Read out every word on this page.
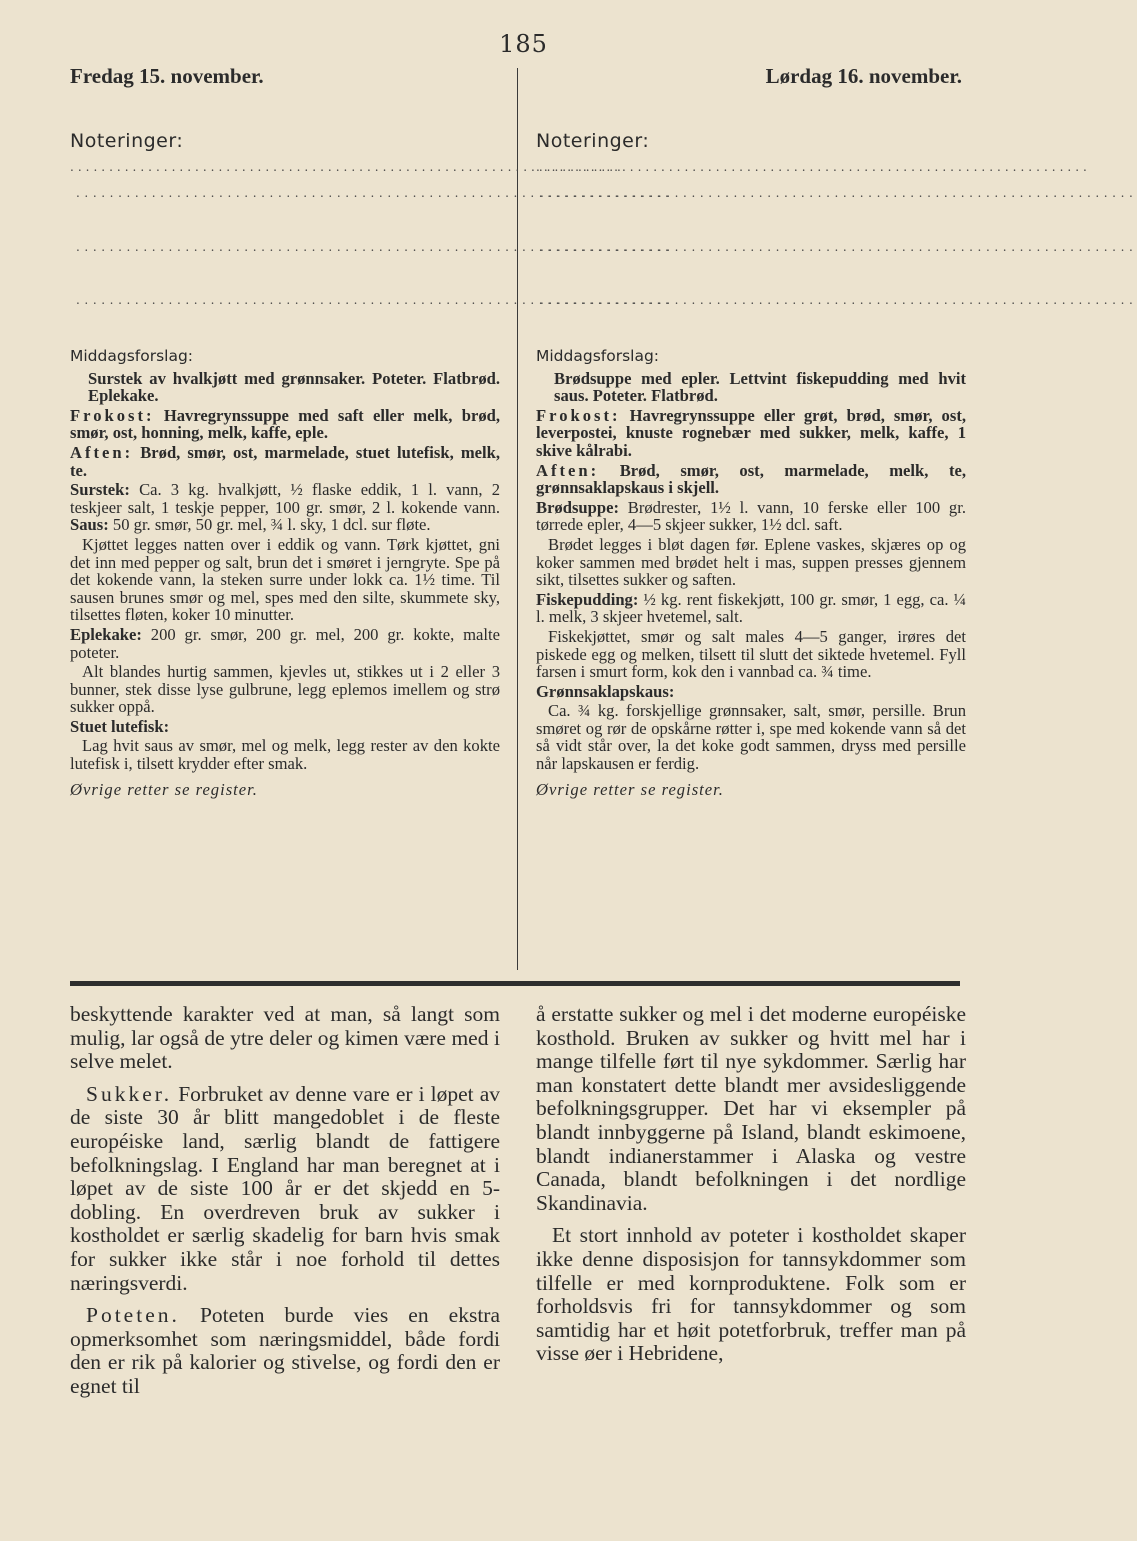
185
Fredag 15. november.
Noteringer: .......................................................................
.......................................................................
.......................................................................
.......................................................................

Middagsforslag:

Surstek av hvalkjøtt med grønnsaker. Poteter. Flatbrød. Eplekake.

Frokost: Havregrynssuppe med saft eller melk, brød, smør, ost, honning, melk, kaffe, eple.

Aften: Brød, smør, ost, marmelade, stuet lutefisk, melk, te.

Surstek: Ca. 3 kg. hvalkjøtt, ½ flaske eddik, 1 l. vann, 2 teskjeer salt, 1 teskje pepper, 100 gr. smør, 2 l. kokende vann. Saus: 50 gr. smør, 50 gr. mel, ¾ l. sky, 1 dcl. sur fløte.

Kjøttet legges natten over i eddik og vann. Tørk kjøttet, gni det inn med pepper og salt, brun det i smøret i jerngryte. Spe på det kokende vann, la steken surre under lokk ca. 1½ time. Til sausen brunes smør og mel, spes med den silte, skummete sky, tilsettes fløten, koker 10 minutter.

Eplekake: 200 gr. smør, 200 gr. mel, 200 gr. kokte, malte poteter.

Alt blandes hurtig sammen, kjevles ut, stikkes ut i 2 eller 3 bunner, stek disse lyse gulbrune, legg eplemos imellem og strø sukker oppå.

Stuet lutefisk:

Lag hvit saus av smør, mel og melk, legg rester av den kokte lutefisk i, tilsett krydder efter smak.

Øvrige retter se register.

Lørdag 16. november.
Noteringer: .......................................................................
.......................................................................
.......................................................................
.......................................................................

Middagsforslag:

Brødsuppe med epler. Lettvint fiskepudding med hvit saus. Poteter. Flatbrød.

Frokost: Havregrynssuppe eller grøt, brød, smør, ost, leverpostei, knuste rognebær med sukker, melk, kaffe, 1 skive kålrabi.

Aften: Brød, smør, ost, marmelade, melk, te, grønnsaklapskaus i skjell.

Brødsuppe: Brødrester, 1½ l. vann, 10 ferske eller 100 gr. tørrede epler, 4—5 skjeer sukker, 1½ dcl. saft.

Brødet legges i bløt dagen før. Eplene vaskes, skjæres op og koker sammen med brødet helt i mas, suppen presses gjennem sikt, tilsettes sukker og saften.

Fiskepudding: ½ kg. rent fiskekjøtt, 100 gr. smør, 1 egg, ca. ¼ l. melk, 3 skjeer hvetemel, salt.

Fiskekjøttet, smør og salt males 4—5 ganger, irøres det piskede egg og melken, tilsett til slutt det siktede hvetemel. Fyll farsen i smurt form, kok den i vannbad ca. ¾ time.

Grønnsaklapskaus:

Ca. ¾ kg. forskjellige grønnsaker, salt, smør, persille. Brun smøret og rør de opskårne røtter i, spe med kokende vann så det så vidt står over, la det koke godt sammen, dryss med persille når lapskausen er ferdig.

Øvrige retter se register.

beskyttende karakter ved at man, så langt som mulig, lar også de ytre deler og kimen være med i selve melet.

Sukker. Forbruket av denne vare er i løpet av de siste 30 år blitt mangedoblet i de fleste européiske land, særlig blandt de fattigere befolkningslag. I England har man beregnet at i løpet av de siste 100 år er det skjedd en 5-dobling. En overdreven bruk av sukker i kostholdet er særlig skadelig for barn hvis smak for sukker ikke står i noe forhold til dettes næringsverdi.

Poteten. Poteten burde vies en ekstra opmerksomhet som næringsmiddel, både fordi den er rik på kalorier og stivelse, og fordi den er egnet til

å erstatte sukker og mel i det moderne européiske kosthold. Bruken av sukker og hvitt mel har i mange tilfelle ført til nye sykdommer. Særlig har man konstatert dette blandt mer avsidesliggende befolkningsgrupper. Det har vi eksempler på blandt innbyggerne på Island, blandt eskimoene, blandt indianerstammer i Alaska og vestre Canada, blandt befolkningen i det nordlige Skandinavia.

Et stort innhold av poteter i kostholdet skaper ikke denne disposisjon for tannsykdommer som tilfelle er med kornproduktene. Folk som er forholdsvis fri for tannsykdommer og som samtidig har et høit potetforbruk, treffer man på visse øer i Hebridene,
